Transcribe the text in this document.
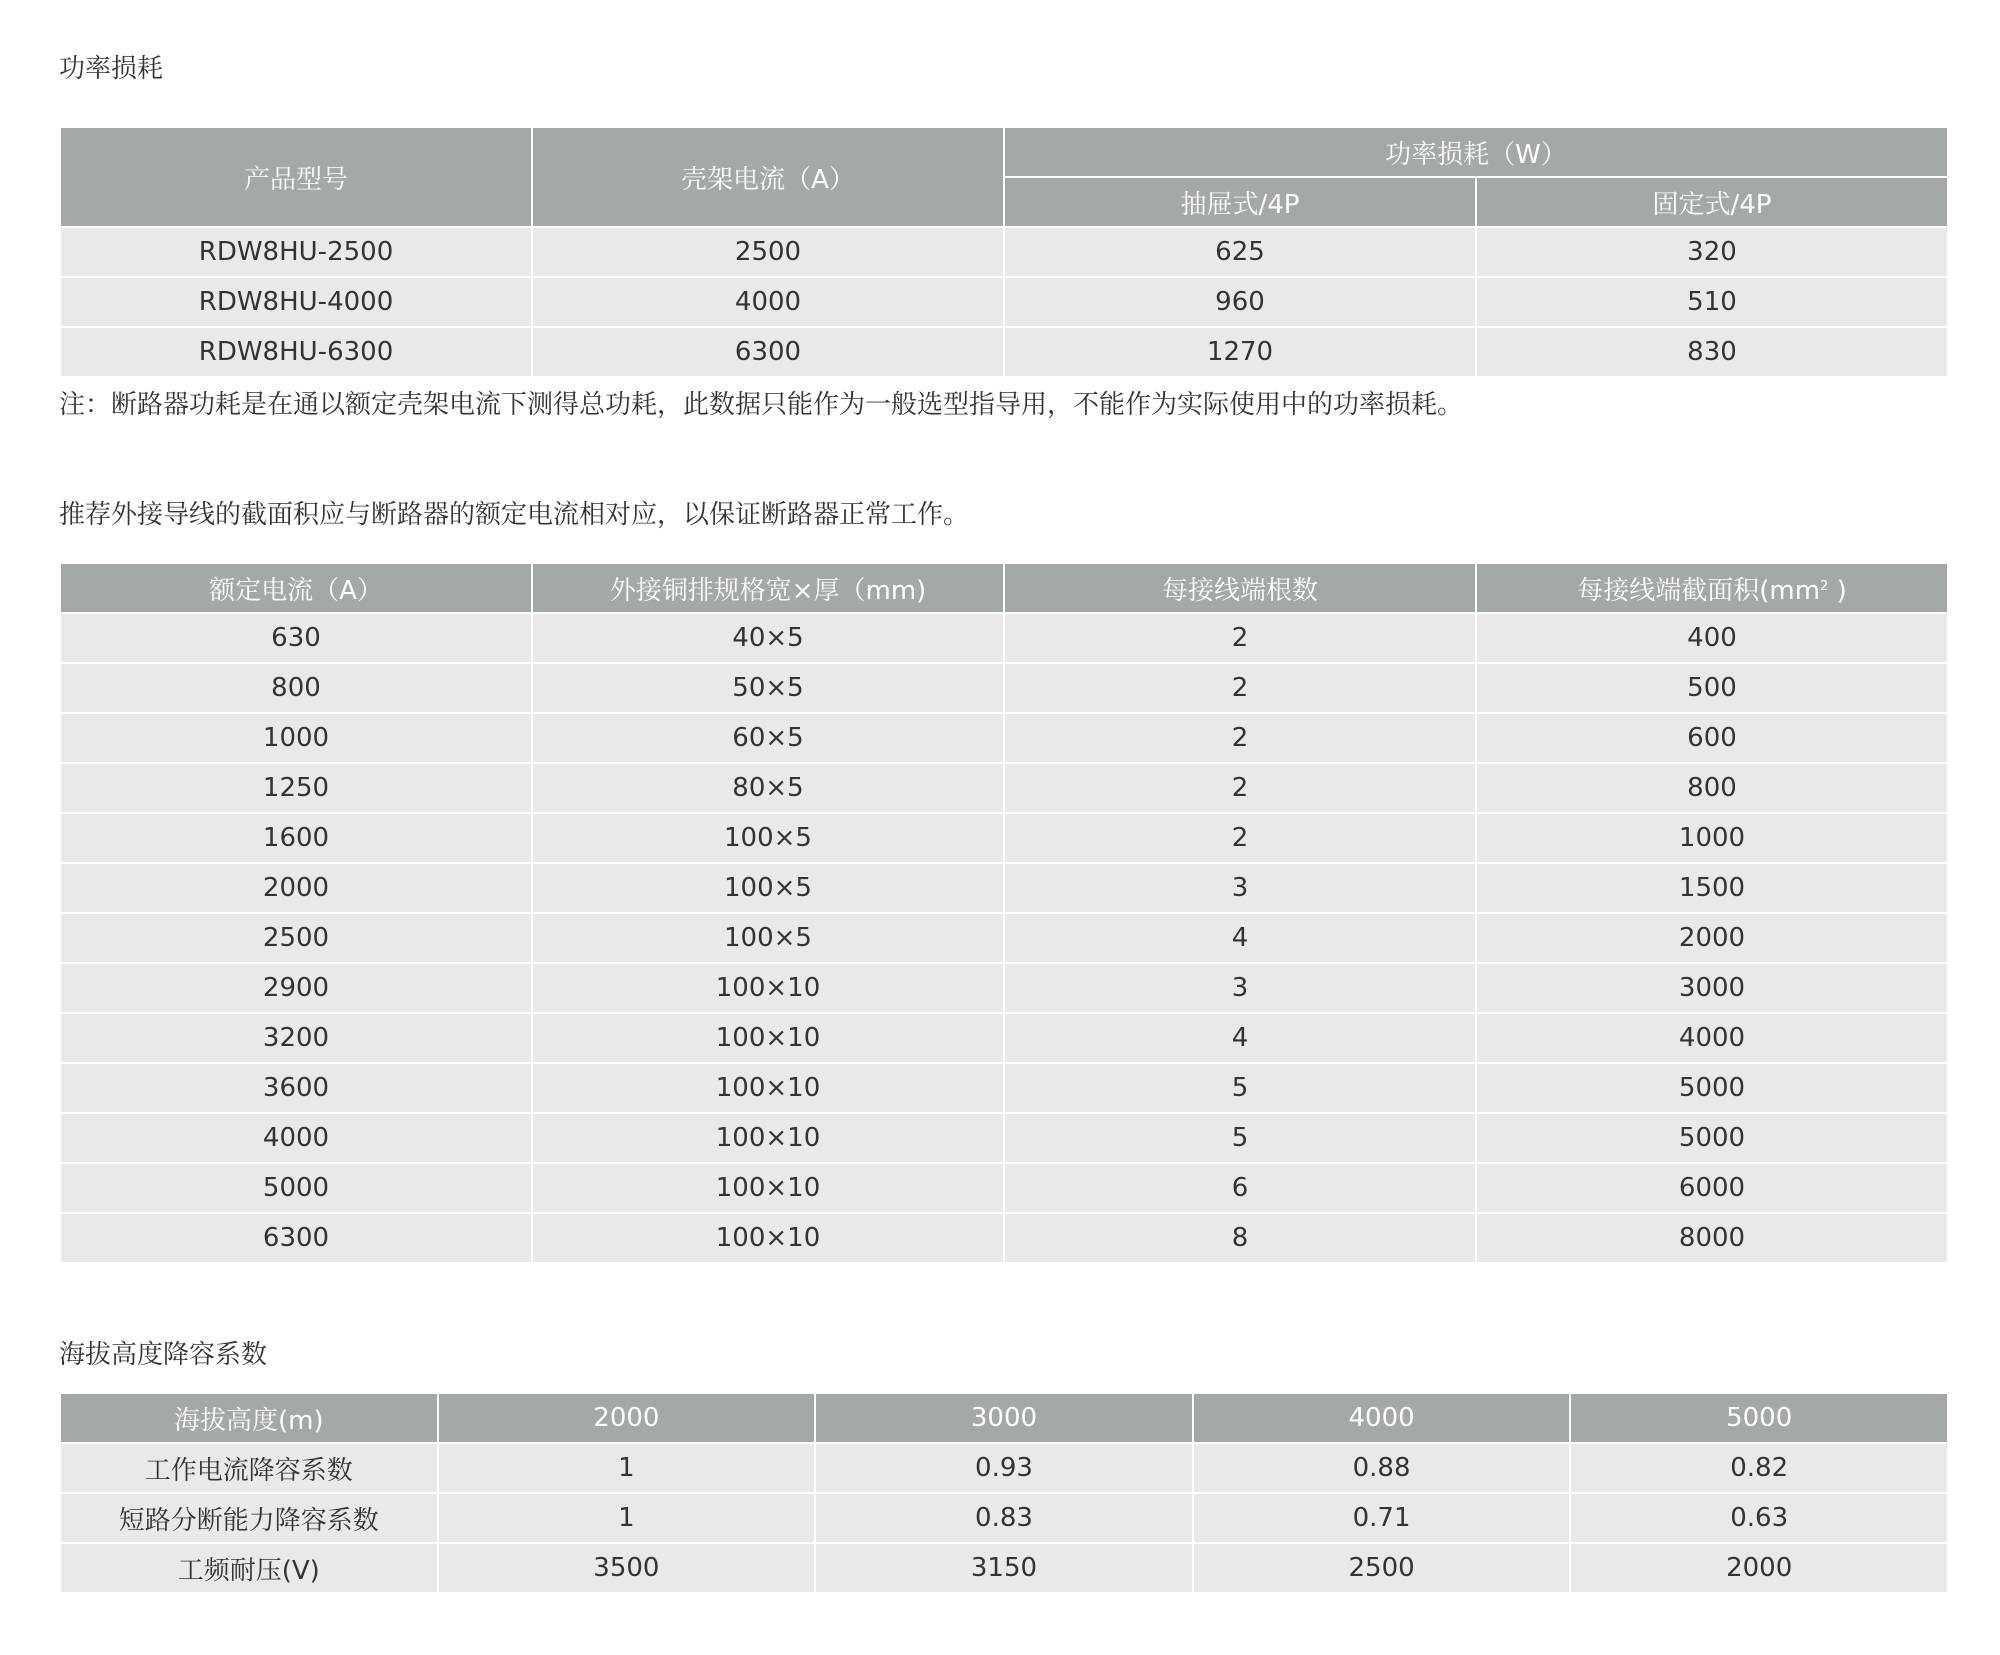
功率损耗
产品型号	壳架电流（A）	功率损耗（W）	
		抽屉式/4P	固定式/4P
RDW8HU-2500	2500	625	320
RDW8HU-4000	4000	960	510
RDW8HU-6300	6300	1270	830
注：断路器功耗是在通以额定壳架电流下测得总功耗，此数据只能作为一般选型指导用，不能作为实际使用中的功率损耗。
推荐外接导线的截面积应与断路器的额定电流相对应，以保证断路器正常工作。
额定电流（A）	外接铜排规格宽×厚（mm)	每接线端根数	每接线端截面积($mm^2$ )
630	40×5	2	400
800	50×5	2	500
1000	60×5	2	600
1250	80×5	2	800
1600	100×5	2	1000
2000	100×5	3	1500
2500	100×5	4	2000
2900	100×10	3	3000
3200	100×10	4	4000
3600	100×10	5	5000
4000	100×10	5	5000
5000	100×10	6	6000
6300	100×10	8	8000
海拔高度降容系数
海拔高度(m)	2000	3000	4000	5000
工作电流降容系数	1	0.93	0.88	0.82
短路分断能力降容系数	1	0.83	0.71	0.63
工频耐压(V)	3500	3150	2500	2000
